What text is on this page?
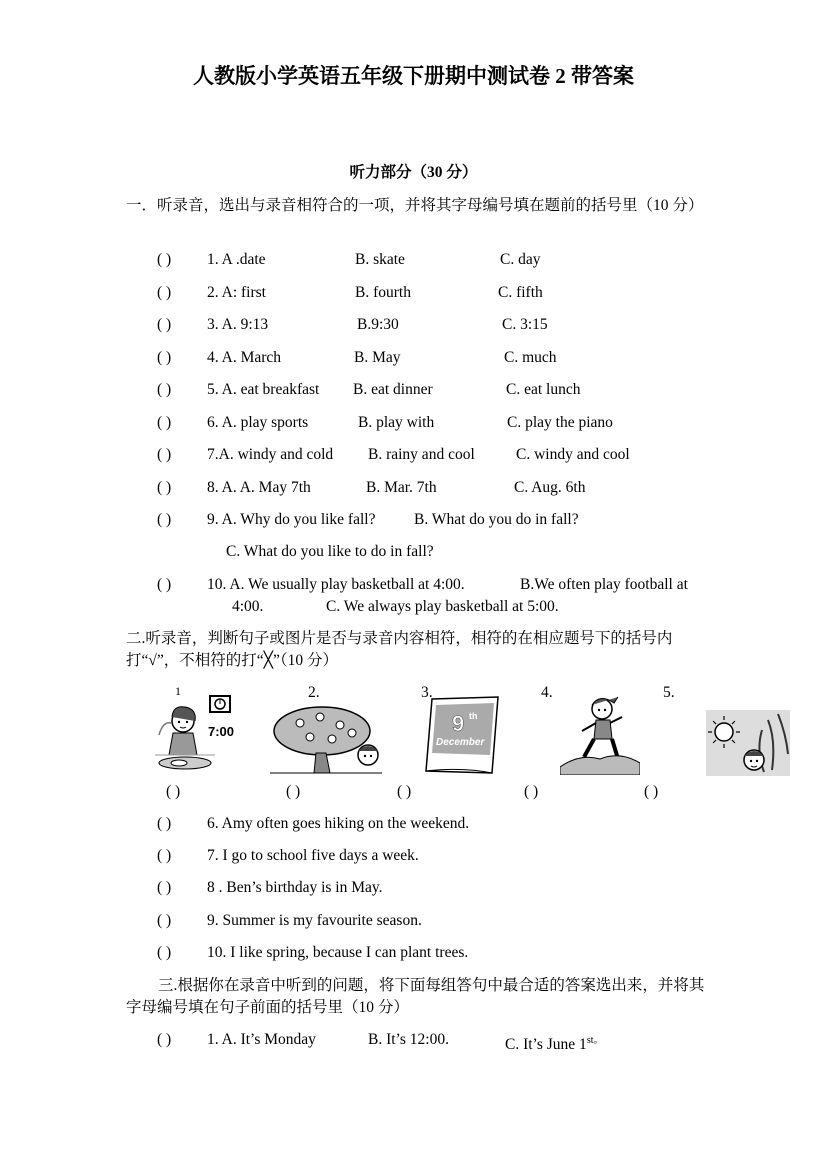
人教版小学英语五年级下册期中测试卷 2 带答案
听力部分（30 分）
一．听录音，选出与录音相符合的一项，并将其字母编号填在题前的括号里（10 分）
( ) 1. A .date	B. skate	C. day
( ) 2. A: first	B. fourth	C. fifth
( ) 3. A. 9:13	B.9:30	C. 3:15
( ) 4. A. March	B. May	C. much
( ) 5. A. eat breakfast B. eat dinner	C. eat lunch
( ) 6. A. play sports	B. play with	C. play the piano
( ) 7.A. windy and cold B. rainy and cool	C. windy and cool
( ) 8. A. A. May 7th	B. Mar. 7th	C. Aug. 6th
( ) 9. A. Why do you like fall? B. What do you do in fall?
C. What do you like to do in fall?
( ) 10. A. We usually play basketball at 4:00.	B.We often play football at
4:00.	C. We always play basketball at 5:00.
二.听录音，判断句子或图片是否与录音内容相符，相符的在相应题号下的括号内打“√”，不相符的打“╳”（10 分）
1	2.	3.	4.	5.
7:00	9 th
December
( )	( )	( )	( )	( )
( ) 6. Amy often goes hiking on the weekend.
( ) 7. I go to school five days a week.
( ) 8 . Ben’s birthday is in May.
( ) 9. Summer is my favourite season.
( ) 10. I like spring, because I can plant trees.
三.根据你在录音中听到的问题，将下面每组答句中最合适的答案选出来，并将其字母编号填在句子前面的括号里（10 分）
( ) 1. A. It’s Monday	B. It’s 12:00.	C. It’s June $1^{st。}$
